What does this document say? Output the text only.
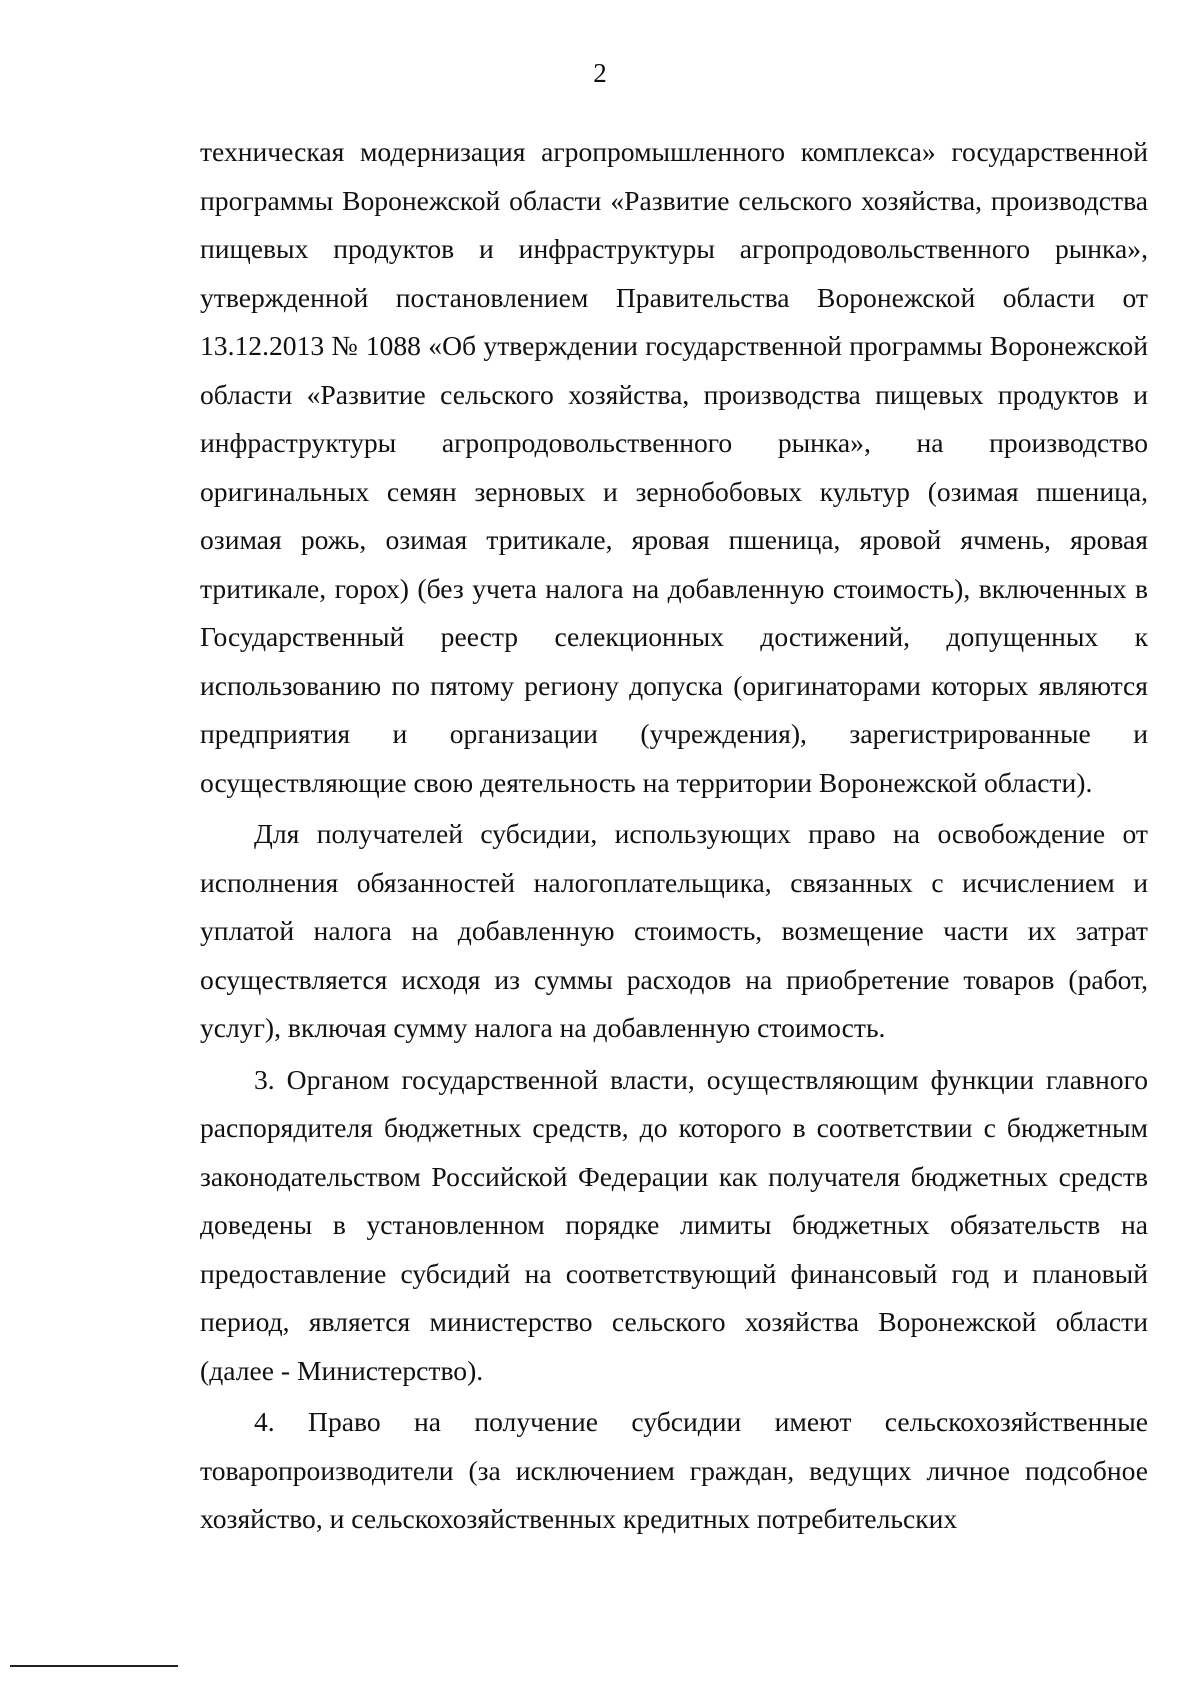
2

техническая модернизация агропромышленного комплекса» государственной программы Воронежской области «Развитие сельского хозяйства, производства пищевых продуктов и инфраструктуры агропродовольственного рынка», утвержденной постановлением Правительства Воронежской области от 13.12.2013 № 1088 «Об утверждении государственной программы Воронежской области «Развитие сельского хозяйства, производства пищевых продуктов и инфраструктуры агропродовольственного рынка», на производство оригинальных семян зерновых и зернобобовых культур (озимая пшеница, озимая рожь, озимая тритикале, яровая пшеница, яровой ячмень, яровая тритикале, горох) (без учета налога на добавленную стоимость), включенных в Государственный реестр селекционных достижений, допущенных к использованию по пятому региону допуска (оригинаторами которых являются предприятия и организации (учреждения), зарегистрированные и осуществляющие свою деятельность на территории Воронежской области).

Для получателей субсидии, использующих право на освобождение от исполнения обязанностей налогоплательщика, связанных с исчислением и уплатой налога на добавленную стоимость, возмещение части их затрат осуществляется исходя из суммы расходов на приобретение товаров (работ, услуг), включая сумму налога на добавленную стоимость.

3. Органом государственной власти, осуществляющим функции главного распорядителя бюджетных средств, до которого в соответствии с бюджетным законодательством Российской Федерации как получателя бюджетных средств доведены в установленном порядке лимиты бюджетных обязательств на предоставление субсидий на соответствующий финансовый год и плановый период, является министерство сельского хозяйства Воронежской области (далее - Министерство).

4. Право на получение субсидии имеют сельскохозяйственные товаропроизводители (за исключением граждан, ведущих личное подсобное хозяйство, и сельскохозяйственных кредитных потребительских
